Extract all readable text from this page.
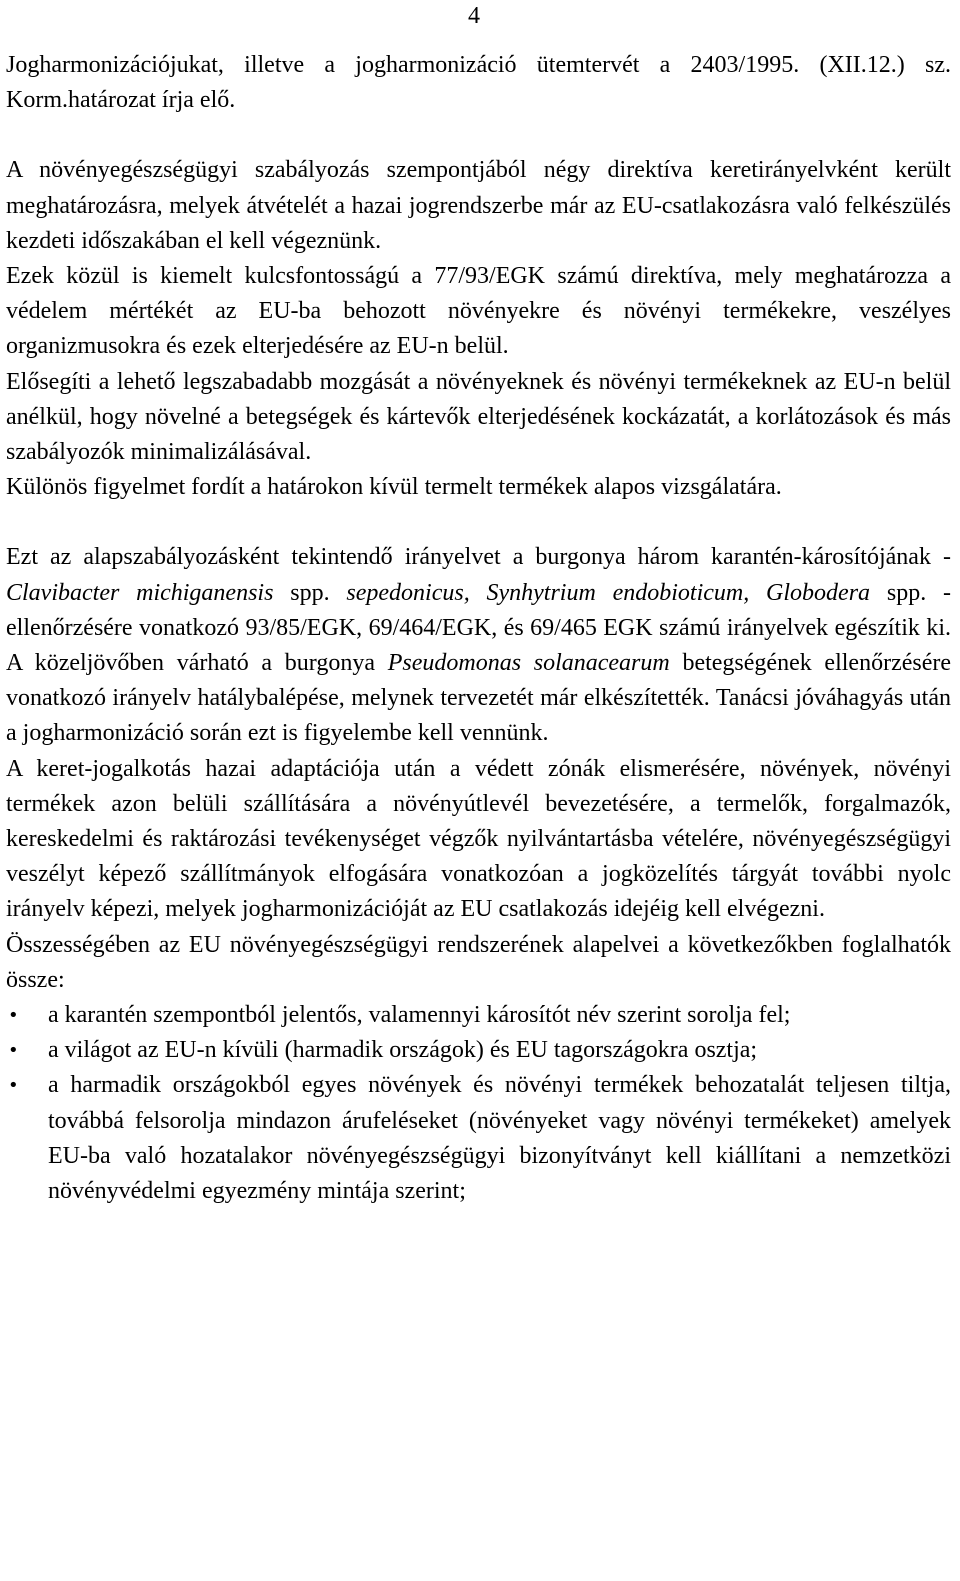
4

Jogharmonizációjukat, illetve a jogharmonizáció ütemtervét a 2403/1995. (XII.12.) sz. Korm.határozat írja elő.

A növényegészségügyi szabályozás szempontjából négy direktíva keretirányelvként került meghatározásra, melyek átvételét a hazai jogrendszerbe már az EU-csatlakozásra való felkészülés kezdeti időszakában el kell végeznünk.

Ezek közül is kiemelt kulcsfontosságú a 77/93/EGK számú direktíva, mely meghatározza a védelem mértékét az EU-ba behozott növényekre és növényi termékekre, veszélyes organizmusokra és ezek elterjedésére az EU-n belül.

Elősegíti a lehető legszabadabb mozgását a növényeknek és növényi termékeknek az EU-n belül anélkül, hogy növelné a betegségek és kártevők elterjedésének kockázatát, a korlátozások és más szabályozók minimalizálásával.

Különös figyelmet fordít a határokon kívül termelt termékek alapos vizsgálatára.

Ezt az alapszabályozásként tekintendő irányelvet a burgonya három karantén-károsítójának - Clavibacter michiganensis spp. sepedonicus, Synhytrium endobioticum, Globodera spp. - ellenőrzésére vonatkozó 93/85/EGK, 69/464/EGK, és 69/465 EGK számú irányelvek egészítik ki. A közeljövőben várható a burgonya Pseudomonas solanacearum betegségének ellenőrzésére vonatkozó irányelv hatálybalépése, melynek tervezetét már elkészítették. Tanácsi jóváhagyás után a jogharmonizáció során ezt is figyelembe kell vennünk.

A keret-jogalkotás hazai adaptációja után a védett zónák elismerésére, növények, növényi termékek azon belüli szállítására a növényútlevél bevezetésére, a termelők, forgalmazók, kereskedelmi és raktározási tevékenységet végzők nyilvántartásba vételére, növényegészségügyi veszélyt képező szállítmányok elfogására vonatkozóan a jogközelítés tárgyát további nyolc irányelv képezi, melyek jogharmonizációját az EU csatlakozás idejéig kell elvégezni.

Összességében az EU növényegészségügyi rendszerének alapelvei a következőkben foglalhatók össze:

• a karantén szempontból jelentős, valamennyi károsítót név szerint sorolja fel;
• a világot az EU-n kívüli (harmadik országok) és EU tagországokra osztja;
• a harmadik országokból egyes növények és növényi termékek behozatalát teljesen tiltja, továbbá felsorolja mindazon árufeléseket (növényeket vagy növényi termékeket) amelyek EU-ba való hozatalakor növényegészségügyi bizonyítványt kell kiállítani a nemzetközi növényvédelmi egyezmény mintája szerint;
